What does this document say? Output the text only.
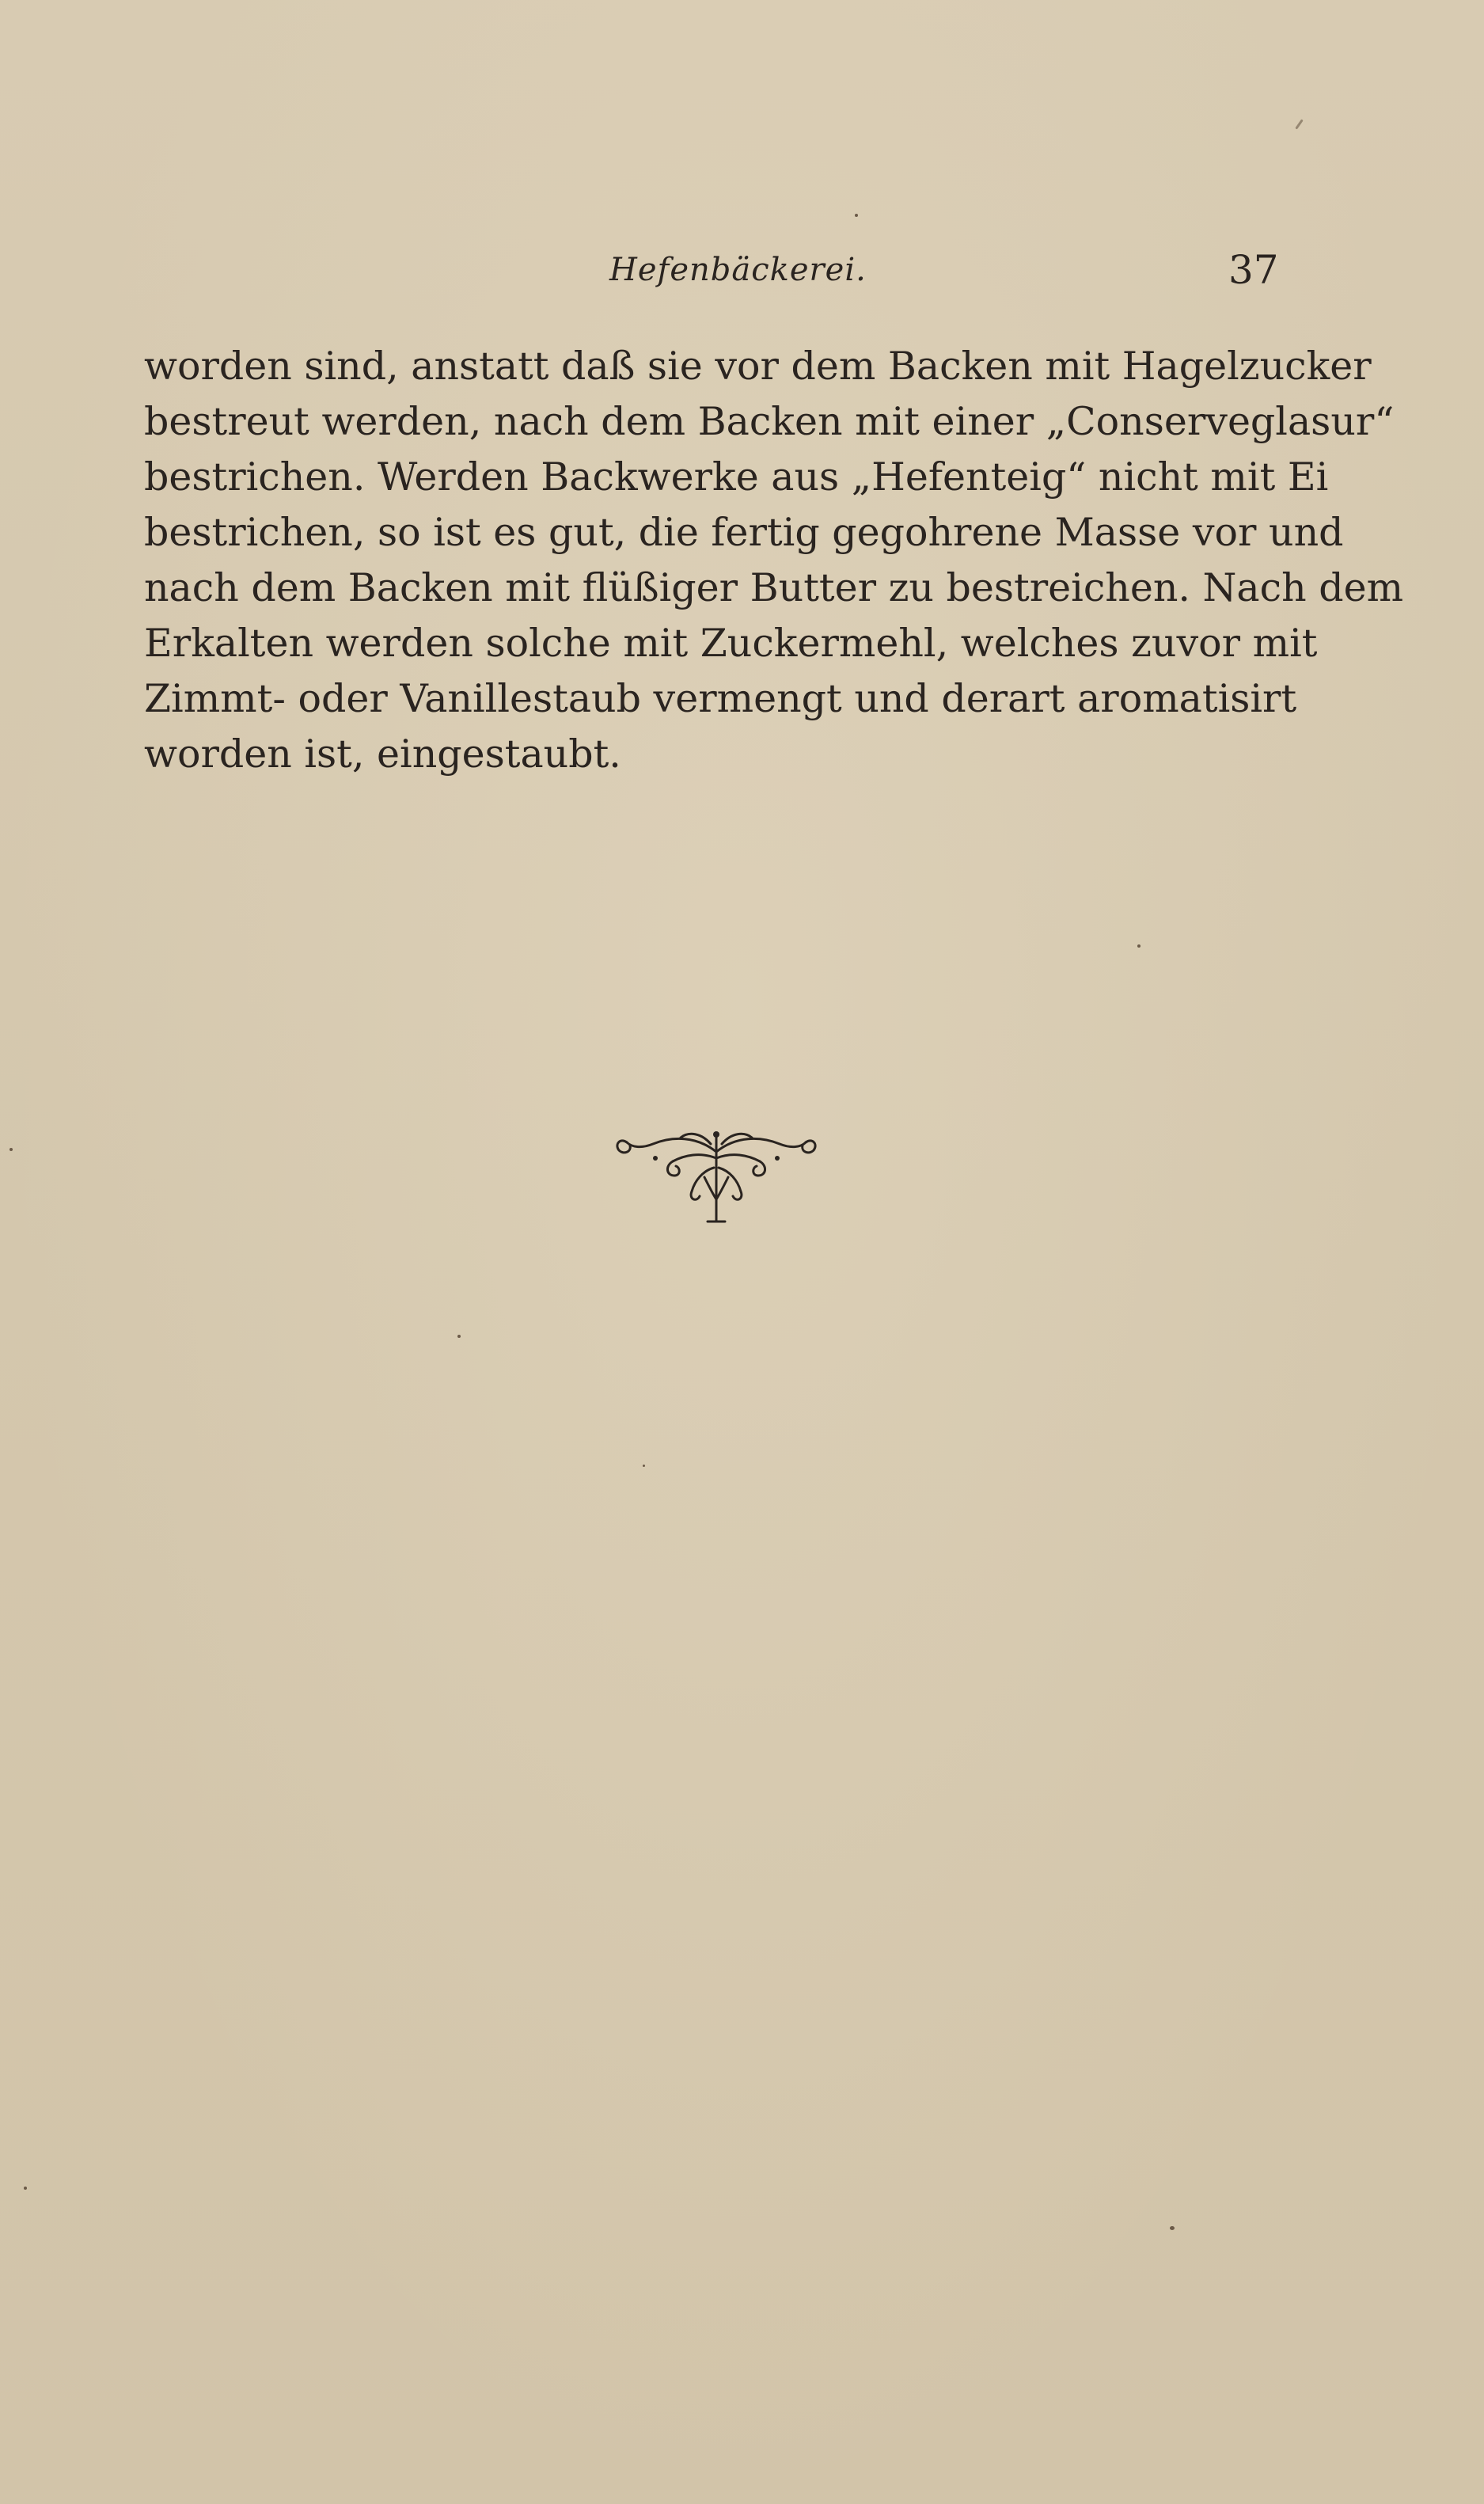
Hefenbäckerei.	37
worden sind, anstatt daß sie vor dem Backen mit Hagelzucker
bestreut werden, nach dem Backen mit einer „Conserveglasur“
bestrichen. Werden Backwerke aus „Hefenteig“ nicht mit Ei
bestrichen, so ist es gut, die fertig gegohrene Masse vor und
nach dem Backen mit flüßiger Butter zu bestreichen. Nach dem
Erkalten werden solche mit Zuckermehl, welches zuvor mit
Zimmt- oder Vanillestaub vermengt und derart aromatisirt
worden ist, eingestaubt.
